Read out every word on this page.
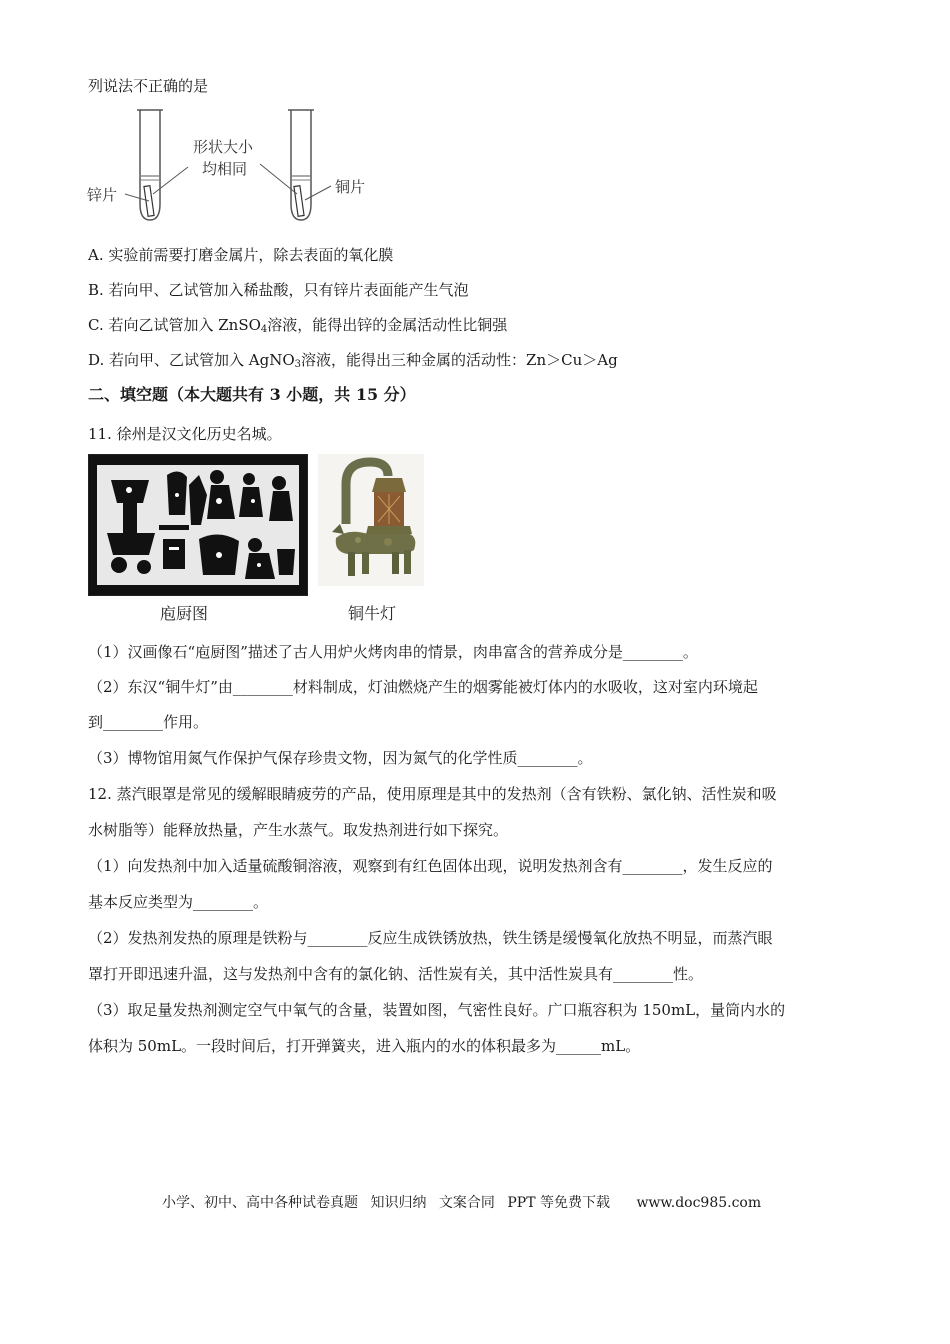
列说法不正确的是
形状大小
均相同
锌片	铜片
A. 实验前需要打磨金属片，除去表面的氧化膜
B. 若向甲、乙试管加入稀盐酸，只有锌片表面能产生气泡
C. 若向乙试管加入 ZnSO$_4$溶液，能得出锌的金属活动性比铜强
D. 若向甲、乙试管加入 AgNO$_3$溶液，能得出三种金属的活动性：Zn＞Cu＞Ag
二、填空题（本大题共有 3 小题，共 15 分）
11. 徐州是汉文化历史名城。
庖厨图	铜牛灯
（1）汉画像石“庖厨图”描述了古人用炉火烤肉串的情景，肉串富含的营养成分是________。
（2）东汉“铜牛灯”由________材料制成，灯油燃烧产生的烟雾能被灯体内的水吸收，这对室内环境起
到________作用。
（3）博物馆用氮气作保护气保存珍贵文物，因为氮气的化学性质________。
12. 蒸汽眼罩是常见的缓解眼睛疲劳的产品，使用原理是其中的发热剂（含有铁粉、氯化钠、活性炭和吸
水树脂等）能释放热量，产生水蒸气。取发热剂进行如下探究。
（1）向发热剂中加入适量硫酸铜溶液，观察到有红色固体出现，说明发热剂含有________，发生反应的
基本反应类型为________。
（2）发热剂发热的原理是铁粉与________反应生成铁锈放热，铁生锈是缓慢氧化放热不明显，而蒸汽眼
罩打开即迅速升温，这与发热剂中含有的氯化钠、活性炭有关，其中活性炭具有________性。
（3）取足量发热剂测定空气中氧气的含量，装置如图，气密性良好。广口瓶容积为 150mL，量筒内水的
体积为 50mL。一段时间后，打开弹簧夹，进入瓶内的水的体积最多为______mL。
小学、初中、高中各种试卷真题 知识归纳 文案合同 PPT 等免费下载 www.doc985.com
